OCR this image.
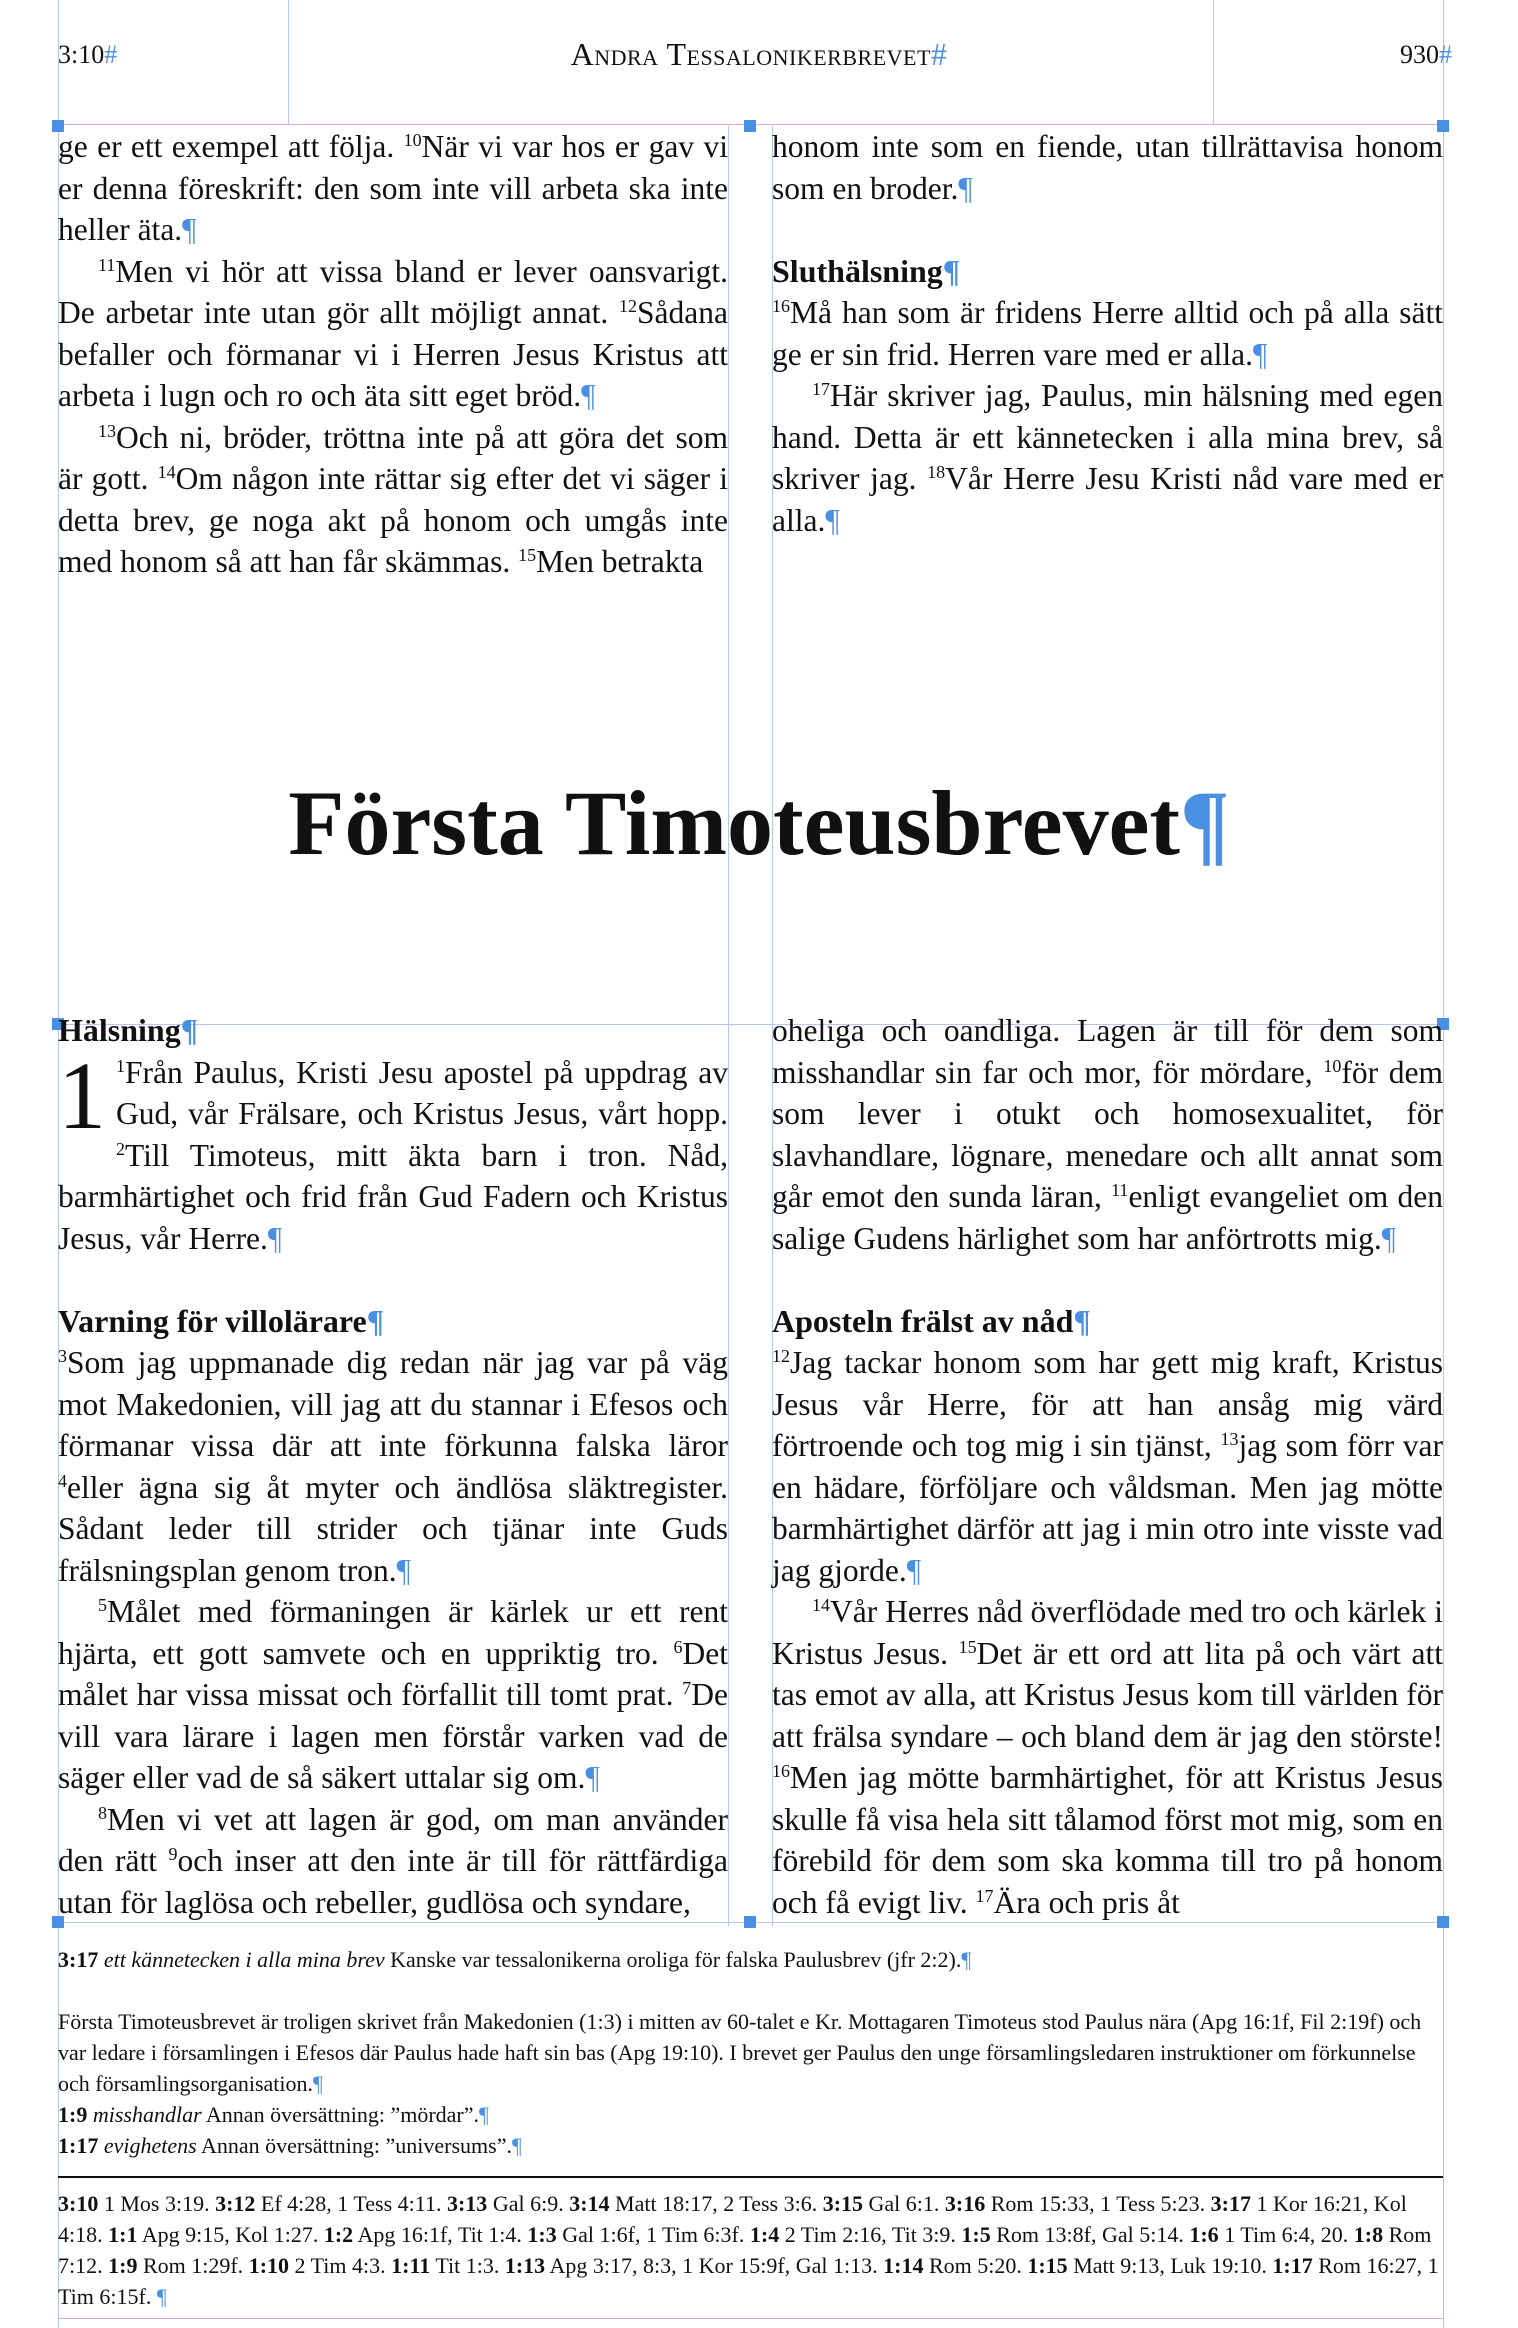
3:10#	Andra Tessalonikerbrevet#	930#

ge er ett exempel att följa. $^{10}$När vi var hos er gav vi er denna föreskrift: den som inte vill arbeta ska inte heller äta.¶

$^{11}$Men vi hör att vissa bland er lever oansvarigt. De arbetar inte utan gör allt möjligt annat. $^{12}$Sådana befaller och förmanar vi i Herren Jesus Kristus att arbeta i lugn och ro och äta sitt eget bröd.¶

$^{13}$Och ni, bröder, tröttna inte på att göra det som är gott. $^{14}$Om någon inte rättar sig efter det vi säger i detta brev, ge noga akt på honom och umgås inte med honom så att han får skämmas. $^{15}$Men betrakta

honom inte som en fiende, utan tillrättavisa honom som en broder.¶

Sluthälsning¶

$^{16}$Må han som är fridens Herre alltid och på alla sätt ge er sin frid. Herren vare med er alla.¶

$^{17}$Här skriver jag, Paulus, min hälsning med egen hand. Detta är ett kännetecken i alla mina brev, så skriver jag. $^{18}$Vår Herre Jesu Kristi nåd vare med er alla.¶

Första Timoteusbrevet¶
Hälsning¶

1 $^1$Från Paulus, Kristi Jesu apostel på uppdrag av Gud, vår Frälsare, och Kristus Jesus, vårt hopp. $^2$Till Timoteus, mitt äkta barn i tron. Nåd, barmhärtighet och frid från Gud Fadern och Kristus Jesus, vår Herre.¶

Varning för villolärare¶

$^3$Som jag uppmanade dig redan när jag var på väg mot Makedonien, vill jag att du stannar i Efesos och förmanar vissa där att inte förkunna falska läror $^4$eller ägna sig åt myter och ändlösa släktregister. Sådant leder till strider och tjänar inte Guds frälsningsplan genom tron.¶

$^5$Målet med förmaningen är kärlek ur ett rent hjärta, ett gott samvete och en uppriktig tro. $^6$Det målet har vissa missat och förfallit till tomt prat. $^7$De vill vara lärare i lagen men förstår varken vad de säger eller vad de så säkert uttalar sig om.¶

$^8$Men vi vet att lagen är god, om man använder den rätt $^9$och inser att den inte är till för rättfärdiga utan för laglösa och rebeller, gudlösa och syndare,

oheliga och oandliga. Lagen är till för dem som misshandlar sin far och mor, för mördare, $^{10}$för dem som lever i otukt och homosexualitet, för slavhandlare, lögnare, menedare och allt annat som går emot den sunda läran, $^{11}$enligt evangeliet om den salige Gudens härlighet som har anförtrotts mig.¶

Aposteln frälst av nåd¶

$^{12}$Jag tackar honom som har gett mig kraft, Kristus Jesus vår Herre, för att han ansåg mig värd förtroende och tog mig i sin tjänst, $^{13}$jag som förr var en hädare, förföljare och våldsman. Men jag mötte barmhärtighet därför att jag i min otro inte visste vad jag gjorde.¶

$^{14}$Vår Herres nåd överflödade med tro och kärlek i Kristus Jesus. $^{15}$Det är ett ord att lita på och värt att tas emot av alla, att Kristus Jesus kom till världen för att frälsa syndare – och bland dem är jag den störste! $^{16}$Men jag mötte barmhärtighet, för att Kristus Jesus skulle få visa hela sitt tålamod först mot mig, som en förebild för dem som ska komma till tro på honom och få evigt liv. $^{17}$Ära och pris åt

3:17 ett kännetecken i alla mina brev Kanske var tessalonikerna oroliga för falska Paulusbrev (jfr 2:2).¶

Första Timoteusbrevet är troligen skrivet från Makedonien (1:3) i mitten av 60-talet e Kr. Mottagaren Timoteus stod Paulus nära (Apg 16:1f, Fil 2:19f) och var ledare i församlingen i Efesos där Paulus hade haft sin bas (Apg 19:10). I brevet ger Paulus den unge församlingsledaren instruktioner om förkunnelse och församlingsorganisation.¶

1:9 misshandlar Annan översättning: ”mördar”.¶

1:17 evighetens Annan översättning: ”universums”.¶

3:10 1 Mos 3:19. 3:12 Ef 4:28, 1 Tess 4:11. 3:13 Gal 6:9. 3:14 Matt 18:17, 2 Tess 3:6. 3:15 Gal 6:1. 3:16 Rom 15:33, 1 Tess 5:23. 3:17 1 Kor 16:21, Kol 4:18. 1:1 Apg 9:15, Kol 1:27. 1:2 Apg 16:1f, Tit 1:4. 1:3 Gal 1:6f, 1 Tim 6:3f. 1:4 2 Tim 2:16, Tit 3:9. 1:5 Rom 13:8f, Gal 5:14. 1:6 1 Tim 6:4, 20. 1:8 Rom 7:12. 1:9 Rom 1:29f. 1:10 2 Tim 4:3. 1:11 Tit 1:3. 1:13 Apg 3:17, 8:3, 1 Kor 15:9f, Gal 1:13. 1:14 Rom 5:20. 1:15 Matt 9:13, Luk 19:10. 1:17 Rom 16:27, 1 Tim 6:15f. ¶
